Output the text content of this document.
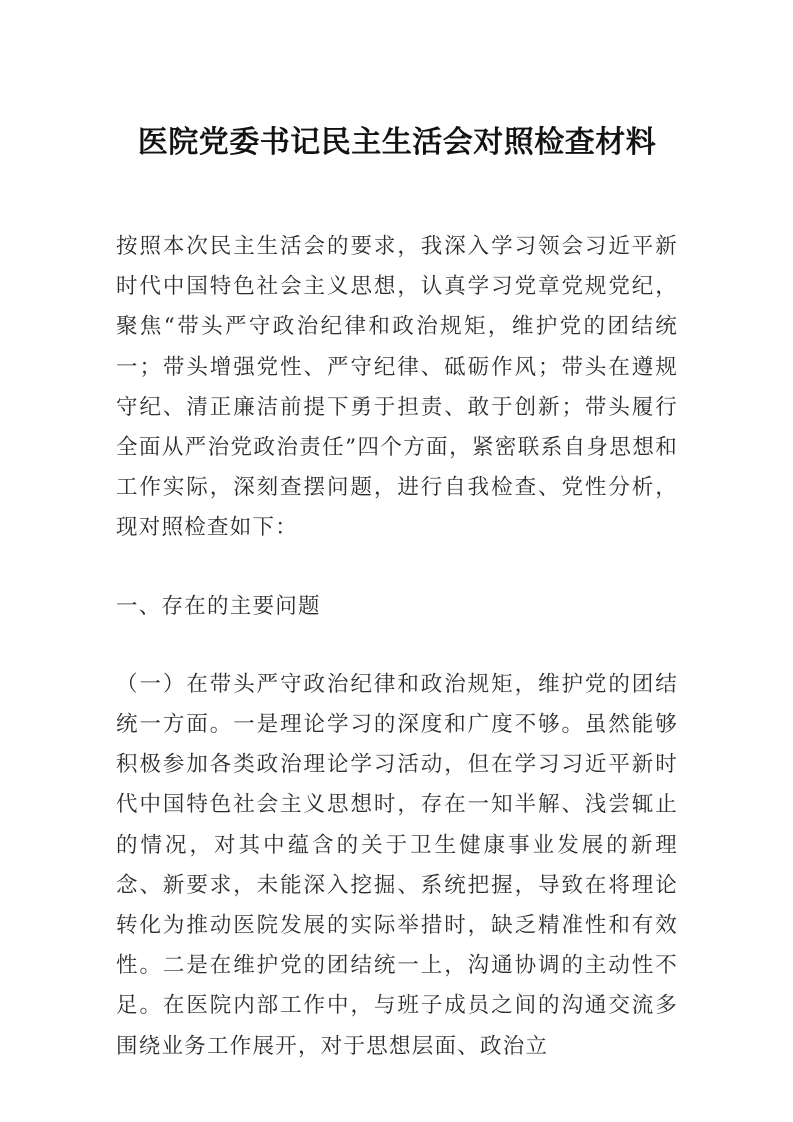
医院党委书记民主生活会对照检查材料

按照本次民主生活会的要求，我深入学习领会习近平新时代中国特色社会主义思想，认真学习党章党规党纪，聚焦“带头严守政治纪律和政治规矩，维护党的团结统一；带头增强党性、严守纪律、砥砺作风；带头在遵规守纪、清正廉洁前提下勇于担责、敢于创新；带头履行全面从严治党政治责任”四个方面，紧密联系自身思想和工作实际，深刻查摆问题，进行自我检查、党性分析，现对照检查如下：

一、存在的主要问题

（一）在带头严守政治纪律和政治规矩，维护党的团结统一方面。一是理论学习的深度和广度不够。虽然能够积极参加各类政治理论学习活动，但在学习习近平新时代中国特色社会主义思想时，存在一知半解、浅尝辄止的情况，对其中蕴含的关于卫生健康事业发展的新理念、新要求，未能深入挖掘、系统把握，导致在将理论转化为推动医院发展的实际举措时，缺乏精准性和有效性。二是在维护党的团结统一上，沟通协调的主动性不足。在医院内部工作中，与班子成员之间的沟通交流多围绕业务工作展开，对于思想层面、政治立
